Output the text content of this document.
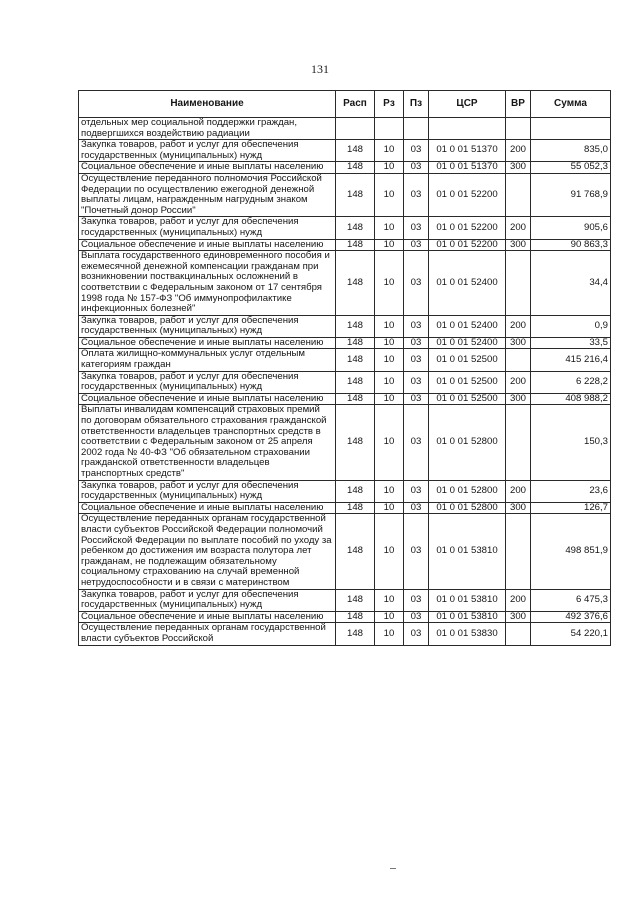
131
Наименование	Расп	Рз	Пз	ЦСР	ВР	Сумма
отдельных мер социальной поддержки граждан, подвергшихся воздействию радиации						
Закупка товаров, работ и услуг для обеспечения государственных (муниципальных) нужд	148	10	03	01 0 01 51370	200	835,0
Социальное обеспечение и иные выплаты населению	148	10	03	01 0 01 51370	300	55 052,3
Осуществление переданного полномочия Российской Федерации по осуществлению ежегодной денежной выплаты лицам, награжденным нагрудным знаком "Почетный донор России"	148	10	03	01 0 01 52200		91 768,9
Закупка товаров, работ и услуг для обеспечения государственных (муниципальных) нужд	148	10	03	01 0 01 52200	200	905,6
Социальное обеспечение и иные выплаты населению	148	10	03	01 0 01 52200	300	90 863,3
Выплата государственного единовременного пособия и ежемесячной денежной компенсации гражданам при возникновении поствакцинальных осложнений в соответствии с Федеральным законом от 17 сентября 1998 года № 157-ФЗ "Об иммунопрофилактике инфекционных болезней"	148	10	03	01 0 01 52400		34,4
Закупка товаров, работ и услуг для обеспечения государственных (муниципальных) нужд	148	10	03	01 0 01 52400	200	0,9
Социальное обеспечение и иные выплаты населению	148	10	03	01 0 01 52400	300	33,5
Оплата жилищно-коммунальных услуг отдельным категориям граждан	148	10	03	01 0 01 52500		415 216,4
Закупка товаров, работ и услуг для обеспечения государственных (муниципальных) нужд	148	10	03	01 0 01 52500	200	6 228,2
Социальное обеспечение и иные выплаты населению	148	10	03	01 0 01 52500	300	408 988,2
Выплаты инвалидам компенсаций страховых премий по договорам обязательного страхования гражданской ответственности владельцев транспортных средств в соответствии с Федеральным законом от 25 апреля 2002 года № 40-ФЗ "Об обязательном страховании гражданской ответственности владельцев транспортных средств"	148	10	03	01 0 01 52800		150,3
Закупка товаров, работ и услуг для обеспечения государственных (муниципальных) нужд	148	10	03	01 0 01 52800	200	23,6
Социальное обеспечение и иные выплаты населению	148	10	03	01 0 01 52800	300	126,7
Осуществление переданных органам государственной власти субъектов Российской Федерации полномочий Российской Федерации по выплате пособий по уходу за ребенком до достижения им возраста полутора лет гражданам, не подлежащим обязательному социальному страхованию на случай временной нетрудоспособности и в связи с материнством	148	10	03	01 0 01 53810		498 851,9
Закупка товаров, работ и услуг для обеспечения государственных (муниципальных) нужд	148	10	03	01 0 01 53810	200	6 475,3
Социальное обеспечение и иные выплаты населению	148	10	03	01 0 01 53810	300	492 376,6
Осуществление переданных органам государственной власти субъектов Российской	148	10	03	01 0 01 53830		54 220,1
